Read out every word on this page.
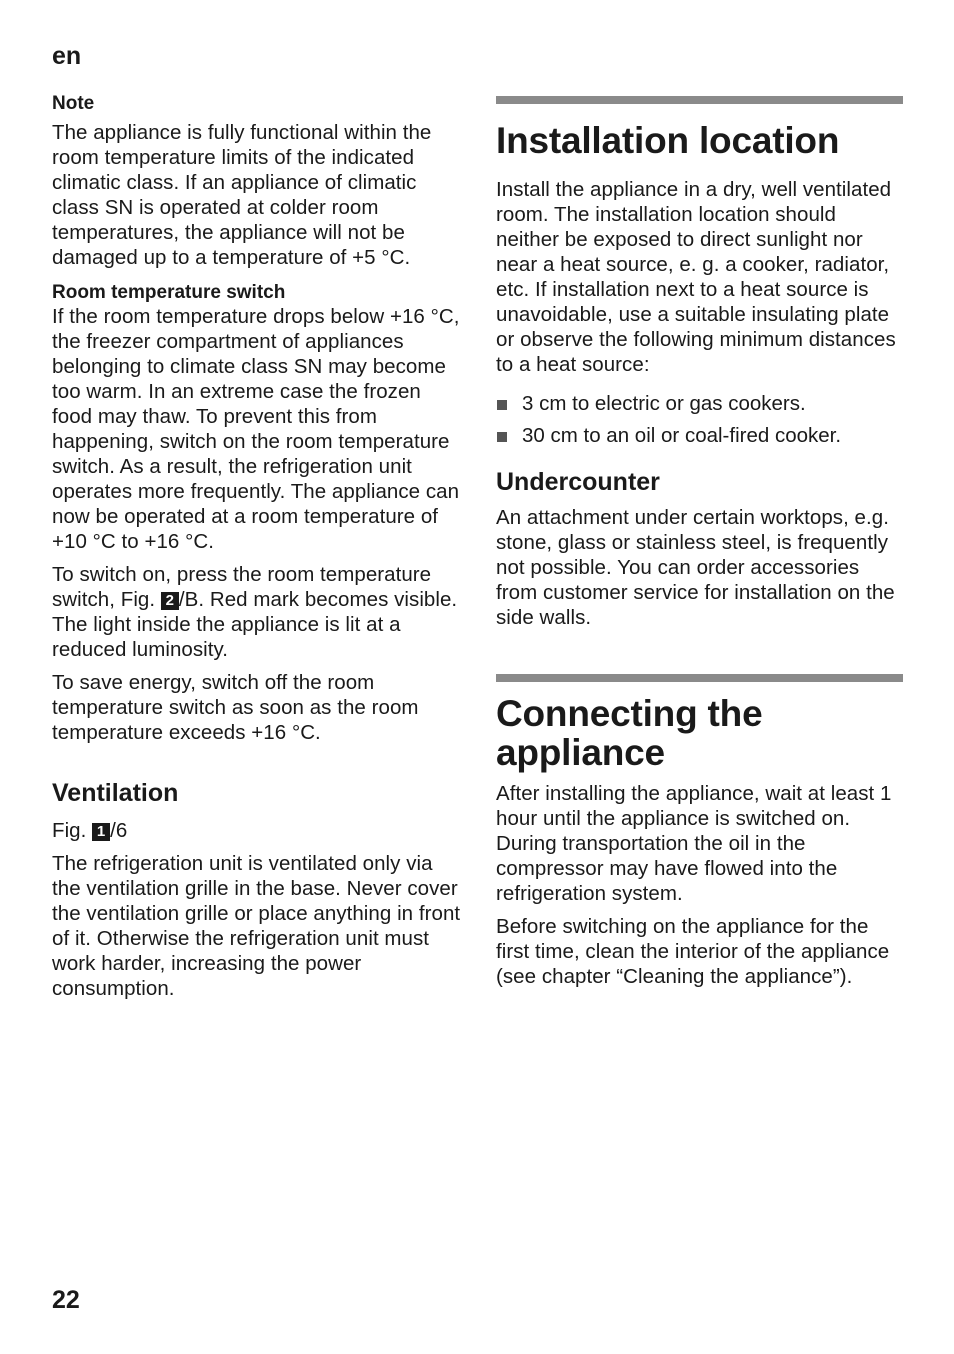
en
Note

The appliance is fully functional within the room temperature limits of the indicated climatic class. If an appliance of climatic class SN is operated at colder room temperatures, the appliance will not be damaged up to a temperature of +5 °C.

Room temperature switch

If the room temperature drops below +16 °C, the freezer compartment of appliances belonging to climate class SN may become too warm. In an extreme case the frozen food may thaw. To prevent this from happening, switch on the room temperature switch. As a result, the refrigeration unit operates more frequently. The appliance can now be operated at a room temperature of +10 °C to +16 °C.

To switch on, press the room temperature switch, Fig. 2 /B. Red mark becomes visible. The light inside the appliance is lit at a reduced luminosity.

To save energy, switch off the room temperature switch as soon as the room temperature exceeds +16 °C.

Ventilation

Fig. 1 /6

The refrigeration unit is ventilated only via the ventilation grille in the base. Never cover the ventilation grille or place anything in front of it. Otherwise the refrigeration unit must work harder, increasing the power consumption.

Installation location

Install the appliance in a dry, well ventilated room. The installation location should neither be exposed to direct sunlight nor near a heat source, e. g. a cooker, radiator, etc. If installation next to a heat source is unavoidable, use a suitable insulating plate or observe the following minimum distances to a heat source:

3 cm to electric or gas cookers.
30 cm to an oil or coal-fired cooker.
Undercounter

An attachment under certain worktops, e.g. stone, glass or stainless steel, is frequently not possible. You can order accessories from customer service for installation on the side walls.

Connecting the
appliance

After installing the appliance, wait at least 1 hour until the appliance is switched on. During transportation the oil in the compressor may have flowed into the refrigeration system.

Before switching on the appliance for the first time, clean the interior of the appliance (see chapter “Cleaning the appliance”).

22
